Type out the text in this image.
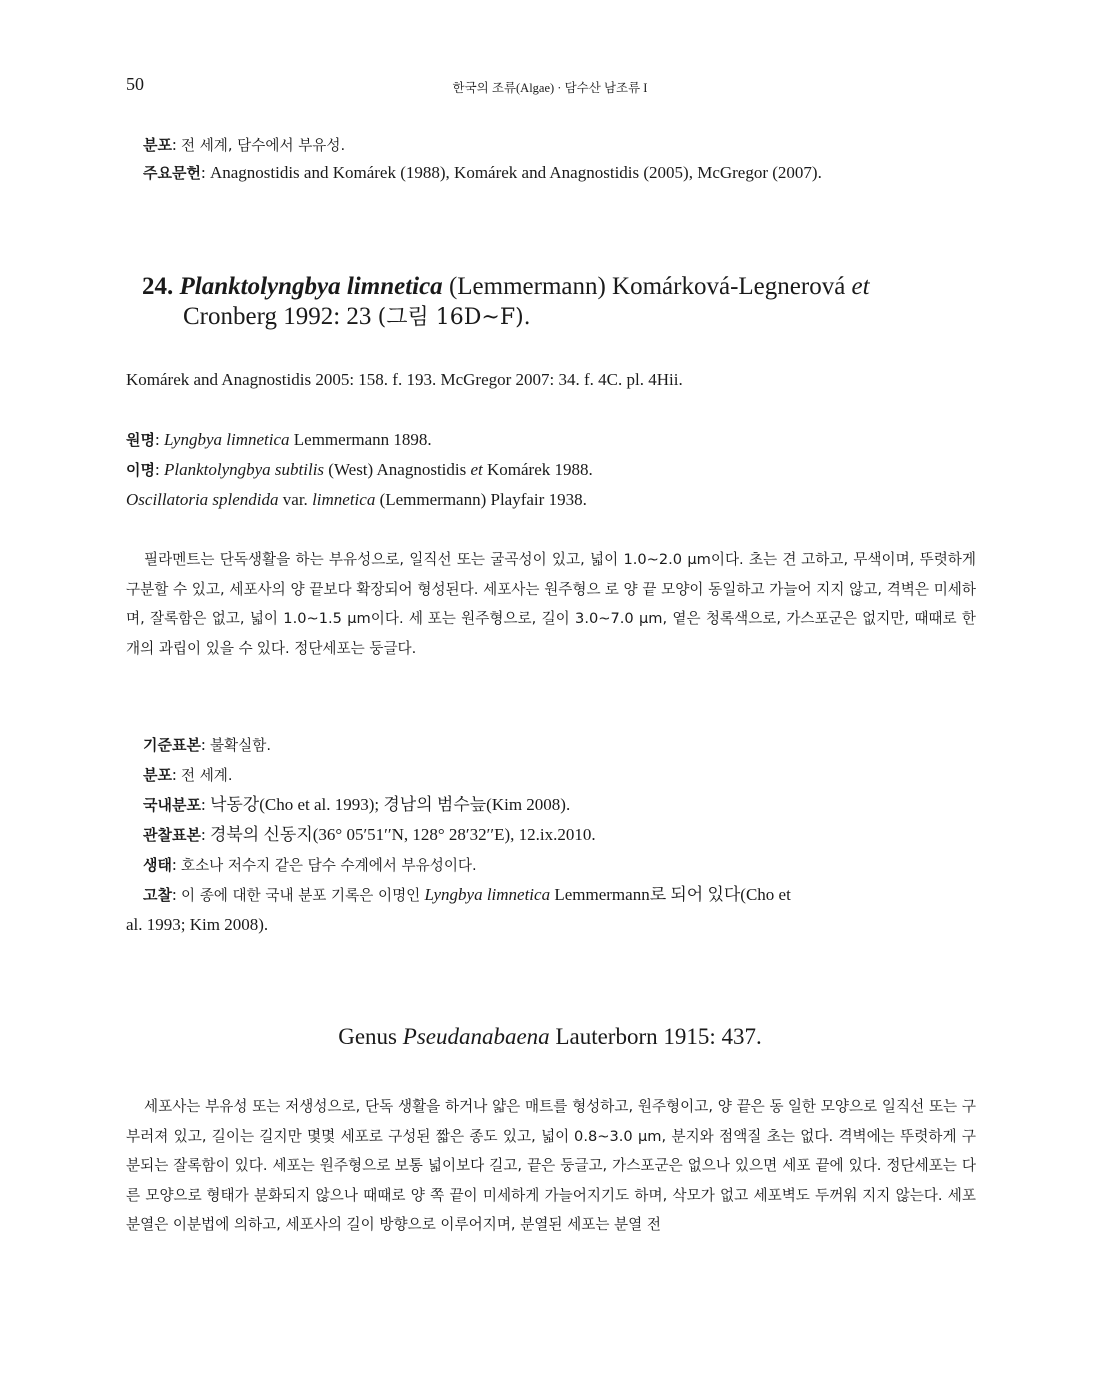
50	한국의 조류(Algae) · 담수산 남조류 I
분포: 전 세계, 담수에서 부유성.
주요문헌: Anagnostidis and Komárek (1988), Komárek and Anagnostidis (2005), McGregor (2007).
24. Planktolyngbya limnetica (Lemmermann) Komárková-Legnerová et
Cronberg 1992: 23 (그림 16D~F).
Komárek and Anagnostidis 2005: 158. f. 193. McGregor 2007: 34. f. 4C. pl. 4Hii.
원명: Lyngbya limnetica Lemmermann 1898.
이명: Planktolyngbya subtilis (West) Anagnostidis et Komárek 1988.
Oscillatoria splendida var. limnetica (Lemmermann) Playfair 1938.
필라멘트는 단독생활을 하는 부유성으로, 일직선 또는 굴곡성이 있고, 넓이 1.0~2.0 μm이다. 초는 견 고하고, 무색이며, 뚜렷하게 구분할 수 있고, 세포사의 양 끝보다 확장되어 형성된다. 세포사는 원주형으 로 양 끝 모양이 동일하고 가늘어 지지 않고, 격벽은 미세하며, 잘록함은 없고, 넓이 1.0~1.5 μm이다. 세 포는 원주형으로, 길이 3.0~7.0 μm, 옅은 청록색으로, 가스포군은 없지만, 때때로 한 개의 과립이 있을 수 있다. 정단세포는 둥글다.
기준표본: 불확실함.
분포: 전 세계.
국내분포: 낙동강(Cho et al. 1993); 경남의 범수늪(Kim 2008).
관찰표본: 경북의 신동지(36° 05′51′′N, 128° 28′32′′E), 12.ix.2010.
생태: 호소나 저수지 같은 담수 수계에서 부유성이다.
고찰: 이 종에 대한 국내 분포 기록은 이명인 Lyngbya limnetica Lemmermann로 되어 있다(Cho et
al. 1993; Kim 2008).
Genus Pseudanabaena Lauterborn 1915: 437.
세포사는 부유성 또는 저생성으로, 단독 생활을 하거나 얇은 매트를 형성하고, 원주형이고, 양 끝은 동 일한 모양으로 일직선 또는 구부러져 있고, 길이는 길지만 몇몇 세포로 구성된 짧은 종도 있고, 넓이 0.8~3.0 μm, 분지와 점액질 초는 없다. 격벽에는 뚜렷하게 구분되는 잘록함이 있다. 세포는 원주형으로 보통 넓이보다 길고, 끝은 둥글고, 가스포군은 없으나 있으면 세포 끝에 있다. 정단세포는 다른 모양으로 형태가 분화되지 않으나 때때로 양 쪽 끝이 미세하게 가늘어지기도 하며, 삭모가 없고 세포벽도 두꺼워 지지 않는다. 세포 분열은 이분법에 의하고, 세포사의 길이 방향으로 이루어지며, 분열된 세포는 분열 전
